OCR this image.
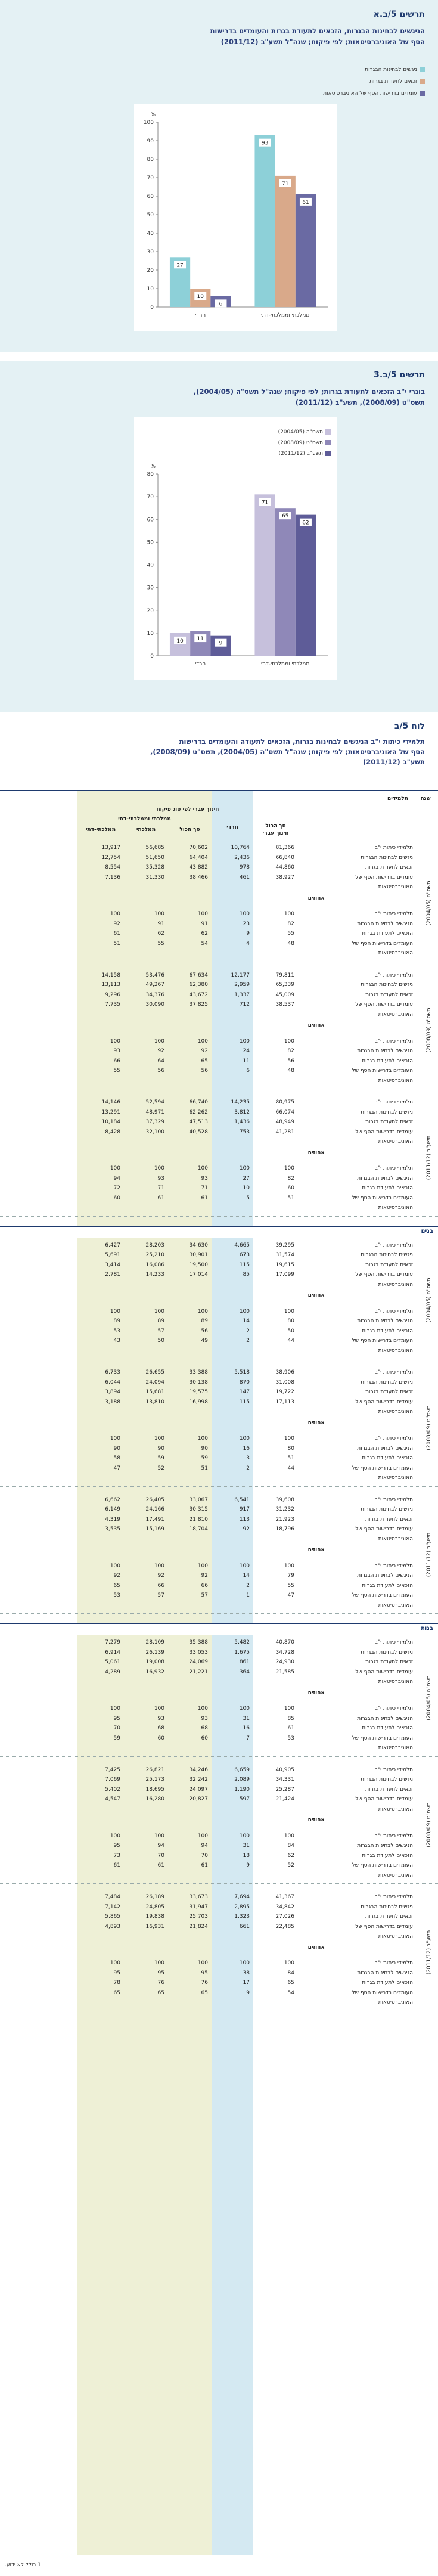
תרשים 5/ב.א
הניגשים לבחינות הבגרות, הזכאים לתעודת בגרות והעומדים בדרישות
הסף של האוניברסיטאות; לפי פיקוח; שנה"ל תשע"ב (2011/12)
ניגשים לבחינות הבגרות
זכאים לתעודת בגרות
עומדים בדרישות הסף של האוניברסיטאות
0
10
20
30
40
50
60
70
80
90
100
%
ממלכתי וממלכתי-דתי
93
71
61
חרדי
27
10
6
תרשים 5/ב.3
בוגרי י"ב הזכאים לתעודת בגרות; לפי פיקוח; שנה"ל תשס"ה (2004/05),
תשס"ט (2008/09), תשע"ב (2011/12)
תשס"ה (2004/05)
תשס"ט (2008/09)
תשע"ב (2011/12)
0
10
20
30
40
50
60
70
80
%
ממלכתי וממלכתי-דתי
71
65
62
חרדי
10	11
9
לוח 5/ב
תלמידי כיתות י"ב הניגשים לבחינות בגרות, הזכאים לתעודה והעומדים בדרישות
הסף של האוניברסיטאות; לפי פיקוח; שנה"ל תשס"ה (2004/05), תשס"ט (2008/09),
תשע"ב (2011/12)
שנה
תלמידים
סך הכול
חינוך עברי
חינוך עברי לפי סוג פיקוח
חרדי
ממלכתי וממלכתי-דתי
סך הכול
ממלכתי
ממלכתי-דתי
תלמידי כיתות י"ב
81,366
10,764
70,602
56,685
13,917
ניגשים לבחינות הבגרות
66,840
2,436
64,404
51,650
12,754
זכאים לתעודת בגרות
44,860
978
43,882
35,328
8,554
עומדים בדרישות הסף של
האוניברסיטאות
38,927
461
38,466
31,330
7,136
אחוזים
תלמידי כיתות י"ב
100
100
100
100
100
הניגשים לבחינות הבגרות
82
23
91
91
92
הזכאים לתעודת בגרות
55
9
62
62
61
העומדים בדרישות הסף של
האוניברסיטאות
48
4
54
55
51
תשס"ה (2004/05)
תלמידי כיתות י"ב
79,811
12,177
67,634
53,476
14,158
ניגשים לבחינות הבגרות
65,339
2,959
62,380
49,267
13,113
זכאים לתעודת בגרות
45,009
1,337
43,672
34,376
9,296
עומדים בדרישות הסף של
האוניברסיטאות
38,537
712
37,825
30,090
7,735
אחוזים
תלמידי כיתות י"ב
100
100
100
100
100
הניגשים לבחינות הבגרות
82
24
92
92
93
הזכאים לתעודת בגרות
56
11
65
64
66
העומדים בדרישות הסף של
האוניברסיטאות
48
6
56
56
55
תשס"ט (2008/09)
תלמידי כיתות י"ב
80,975
14,235
66,740
52,594
14,146
ניגשים לבחינות הבגרות
66,074
3,812
62,262
48,971
13,291
זכאים לתעודת בגרות
48,949
1,436
47,513
37,329
10,184
עומדים בדרישות הסף של
האוניברסיטאות
41,281
753
40,528
32,100
8,428
אחוזים
תלמידי כיתות י"ב
100
100
100
100
100
הניגשים לבחינות הבגרות
82
27
93
93
94
הזכאים לתעודת בגרות
60
10
71
71
72
העומדים בדרישות הסף של
האוניברסיטאות
51
5
61
61
60
תשע"ב (2011/12)
בנים
תלמידי כיתות י"ב
39,295
4,665
34,630
28,203
6,427
ניגשים לבחינות הבגרות
31,574
673
30,901
25,210
5,691
זכאים לתעודת בגרות
19,615
115
19,500
16,086
3,414
עומדים בדרישות הסף של
האוניברסיטאות
17,099
85
17,014
14,233
2,781
אחוזים
תלמידי כיתות י"ב
100
100
100
100
100
הניגשים לבחינות הבגרות
80
14
89
89
89
הזכאים לתעודת בגרות
50
2
56
57
53
העומדים בדרישות הסף של
האוניברסיטאות
44
2
49
50
43
תשס"ה (2004/05)
תלמידי כיתות י"ב
38,906
5,518
33,388
26,655
6,733
ניגשים לבחינות הבגרות
31,008
870
30,138
24,094
6,044
זכאים לתעודת בגרות
19,722
147
19,575
15,681
3,894
עומדים בדרישות הסף של
האוניברסיטאות
17,113
115
16,998
13,810
3,188
אחוזים
תלמידי כיתות י"ב
100
100
100
100
100
הניגשים לבחינות הבגרות
80
16
90
90
90
הזכאים לתעודת בגרות
51
3
59
59
58
העומדים בדרישות הסף של
האוניברסיטאות
44
2
51
52
47
תשס"ט (2008/09)
תלמידי כיתות י"ב
39,608
6,541
33,067
26,405
6,662
ניגשים לבחינות הבגרות
31,232
917
30,315
24,166
6,149
זכאים לתעודת בגרות
21,923
113
21,810
17,491
4,319
עומדים בדרישות הסף של
האוניברסיטאות
18,796
92
18,704
15,169
3,535
אחוזים
תלמידי כיתות י"ב
100
100
100
100
100
הניגשים לבחינות הבגרות
79
14
92
92
92
הזכאים לתעודת בגרות
55
2
66
66
65
העומדים בדרישות הסף של
האוניברסיטאות
47
1
57
57
53
תשע"ב (2011/12)
בנות
תלמידי כיתות י"ב
40,870
5,482
35,388
28,109
7,279
ניגשים לבחינות הבגרות
34,728
1,675
33,053
26,139
6,914
זכאים לתעודת בגרות
24,930
861
24,069
19,008
5,061
עומדים בדרישות הסף של
האוניברסיטאות
21,585
364
21,221
16,932
4,289
אחוזים
תלמידי כיתות י"ב
100
100
100
100
100
הניגשים לבחינות הבגרות
85
31
93
93
95
הזכאים לתעודת בגרות
61
16
68
68
70
העומדים בדרישות הסף של
האוניברסיטאות
53
7
60
60
59
תשס"ה (2004/05)
תלמידי כיתות י"ב
40,905
6,659
34,246
26,821
7,425
ניגשים לבחינות הבגרות
34,331
2,089
32,242
25,173
7,069
זכאים לתעודת בגרות
25,287
1,190
24,097
18,695
5,402
עומדים בדרישות הסף של
האוניברסיטאות
21,424
597
20,827
16,280
4,547
אחוזים
תלמידי כיתות י"ב
100
100
100
100
100
הניגשים לבחינות הבגרות
84
31
94
94
95
הזכאים לתעודת בגרות
62
18
70
70
73
העומדים בדרישות הסף של
האוניברסיטאות
52
9
61
61
61
תשס"ט (2008/09)
תלמידי כיתות י"ב
41,367
7,694
33,673
26,189
7,484
ניגשים לבחינות הבגרות
34,842
2,895
31,947
24,805
7,142
זכאים לתעודת בגרות
27,026
1,323
25,703
19,838
5,865
עומדים בדרישות הסף של
האוניברסיטאות
22,485
661
21,824
16,931
4,893
אחוזים
תלמידי כיתות י"ב
100
100
100
100
100
הניגשים לבחינות הבגרות
84
38
95
95
95
הזכאים לתעודת בגרות
65
17
76
76
78
העומדים בדרישות הסף של
האוניברסיטאות
54
9
65
65
65
תשע"ב (2011/12)
1 כולל לא ידוע.
